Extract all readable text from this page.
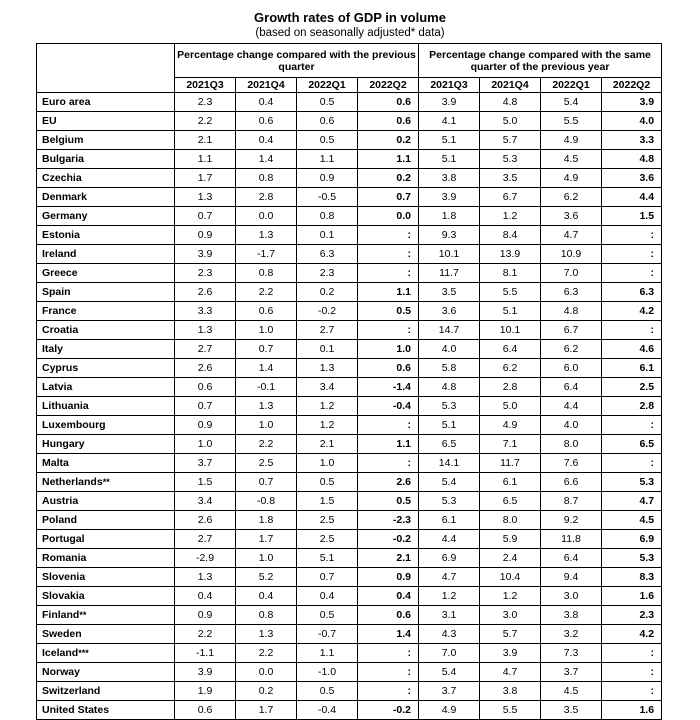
Growth rates of GDP in volume
(based on seasonally adjusted* data)
	Percentage change compared with the previous quarter				Percentage change compared with the same quarter of the previous year			
	2021Q3	2021Q4	2022Q1	2022Q2	2021Q3	2021Q4	2022Q1	2022Q2
Euro area	2.3	0.4	0.5	0.6	3.9	4.8	5.4	3.9
EU	2.2	0.6	0.6	0.6	4.1	5.0	5.5	4.0
Belgium	2.1	0.4	0.5	0.2	5.1	5.7	4.9	3.3
Bulgaria	1.1	1.4	1.1	1.1	5.1	5.3	4.5	4.8
Czechia	1.7	0.8	0.9	0.2	3.8	3.5	4.9	3.6
Denmark	1.3	2.8	-0.5	0.7	3.9	6.7	6.2	4.4
Germany	0.7	0.0	0.8	0.0	1.8	1.2	3.6	1.5
Estonia	0.9	1.3	0.1	:	9.3	8.4	4.7	:
Ireland	3.9	-1.7	6.3	:	10.1	13.9	10.9	:
Greece	2.3	0.8	2.3	:	11.7	8.1	7.0	:
Spain	2.6	2.2	0.2	1.1	3.5	5.5	6.3	6.3
France	3.3	0.6	-0.2	0.5	3.6	5.1	4.8	4.2
Croatia	1.3	1.0	2.7	:	14.7	10.1	6.7	:
Italy	2.7	0.7	0.1	1.0	4.0	6.4	6.2	4.6
Cyprus	2.6	1.4	1.3	0.6	5.8	6.2	6.0	6.1
Latvia	0.6	-0.1	3.4	-1.4	4.8	2.8	6.4	2.5
Lithuania	0.7	1.3	1.2	-0.4	5.3	5.0	4.4	2.8
Luxembourg	0.9	1.0	1.2	:	5.1	4.9	4.0	:
Hungary	1.0	2.2	2.1	1.1	6.5	7.1	8.0	6.5
Malta	3.7	2.5	1.0	:	14.1	11.7	7.6	:
Netherlands**	1.5	0.7	0.5	2.6	5.4	6.1	6.6	5.3
Austria	3.4	-0.8	1.5	0.5	5.3	6.5	8.7	4.7
Poland	2.6	1.8	2.5	-2.3	6.1	8.0	9.2	4.5
Portugal	2.7	1.7	2.5	-0.2	4.4	5.9	11.8	6.9
Romania	-2.9	1.0	5.1	2.1	6.9	2.4	6.4	5.3
Slovenia	1.3	5.2	0.7	0.9	4.7	10.4	9.4	8.3
Slovakia	0.4	0.4	0.4	0.4	1.2	1.2	3.0	1.6
Finland**	0.9	0.8	0.5	0.6	3.1	3.0	3.8	2.3
Sweden	2.2	1.3	-0.7	1.4	4.3	5.7	3.2	4.2
Iceland***	-1.1	2.2	1.1	:	7.0	3.9	7.3	:
Norway	3.9	0.0	-1.0	:	5.4	4.7	3.7	:
Switzerland	1.9	0.2	0.5	:	3.7	3.8	4.5	:
United States	0.6	1.7	-0.4	-0.2	4.9	5.5	3.5	1.6
